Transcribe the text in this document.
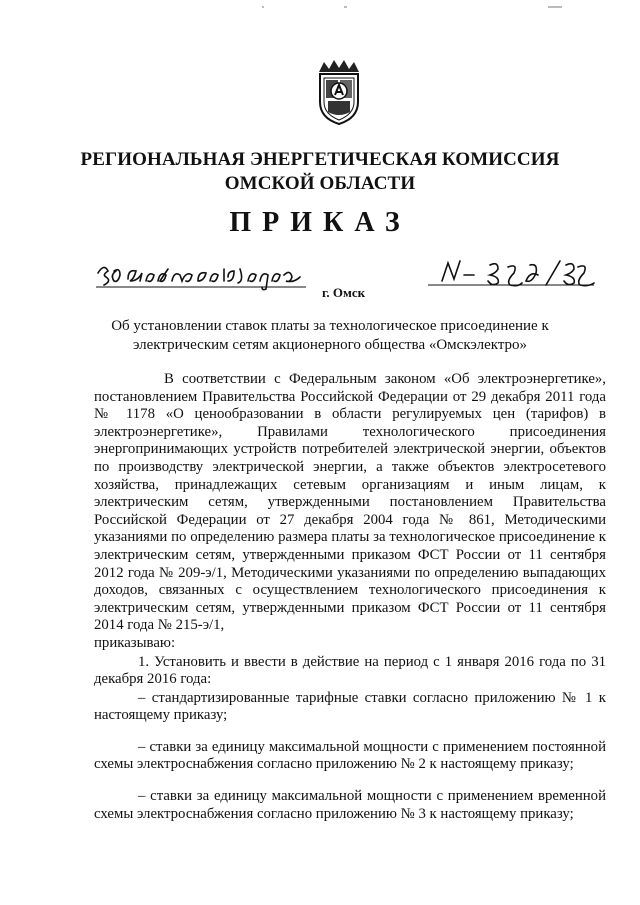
РЕГИОНАЛЬНАЯ ЭНЕРГЕТИЧЕСКАЯ КОМИССИЯ
ОМСКОЙ ОБЛАСТИ
ПРИКАЗ
г. Омск
Об установлении ставок платы за технологическое присоединение к
электрическим сетям акционерного общества «Омскэлектро»

В соответствии с Федеральным законом «Об электроэнергетике», постановлением Правительства Российской Федерации от 29 декабря 2011 года № 1178 «О ценообразовании в области регулируемых цен (тарифов) в электроэнергетике», Правилами технологического присоединения энергопринимающих устройств потребителей электрической энергии, объектов по производству электрической энергии, а также объектов электросетевого хозяйства, принадлежащих сетевым организациям и иным лицам, к электрическим сетям, утвержденными постановлением Правительства Российской Федерации от 27 декабря 2004 года № 861, Методическими указаниями по определению размера платы за технологическое присоединение к электрическим сетям, утвержденными приказом ФСТ России от 11 сентября 2012 года № 209-э/1, Методическими указаниями по определению выпадающих доходов, связанных с осуществлением технологического присоединения к электрическим сетям, утвержденными приказом ФСТ России от 11 сентября 2014 года № 215-э/1,

приказываю:

1. Установить и ввести в действие на период с 1 января 2016 года по 31 декабря 2016 года:

– стандартизированные тарифные ставки согласно приложению № 1 к настоящему приказу;

– ставки за единицу максимальной мощности с применением постоянной схемы электроснабжения согласно приложению № 2 к настоящему приказу;

– ставки за единицу максимальной мощности с применением временной схемы электроснабжения согласно приложению № 3 к настоящему приказу;
